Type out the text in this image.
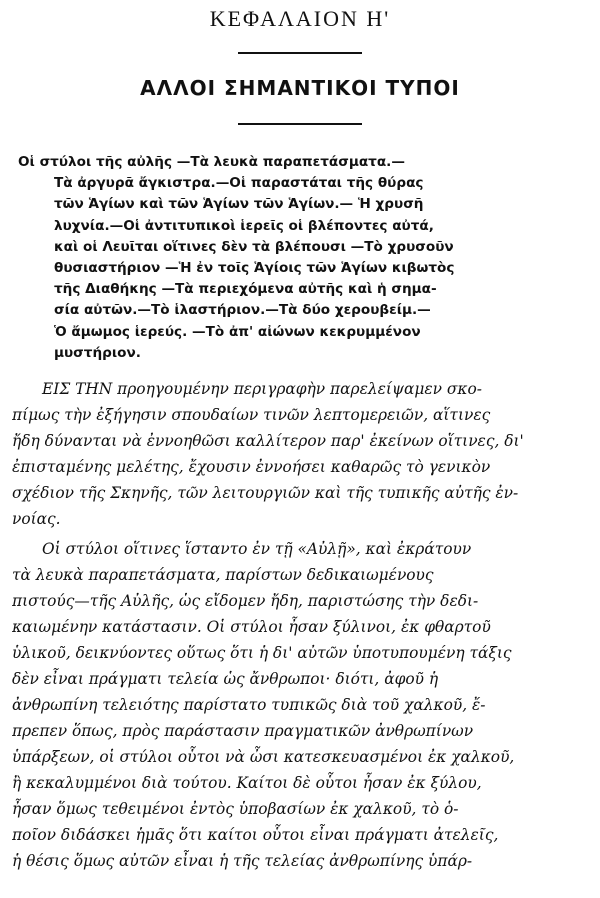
ΚΕΦΑΛΑΙΟΝ Η'
ΑΛΛΟΙ ΣΗΜΑΝΤΙΚΟΙ ΤΥΠΟΙ
Οἱ στύλοι τῆς αὐλῆς —Τὰ λευκὰ παραπετάσματα.—
Τὰ ἀργυρᾶ ἄγκιστρα.—Οἱ παραστάται τῆς θύρας
τῶν Ἁγίων καὶ τῶν Ἁγίων τῶν Ἁγίων.— Ἡ χρυσῆ
λυχνία.—Οἱ ἀντιτυπικοὶ ἱερεῖς οἱ βλέποντες αὐτά,
καὶ οἱ Λευῖται οἵτινες δὲν τὰ βλέπουσι —Τὸ χρυσοῦν
θυσιαστήριον —Ἡ ἐν τοῖς Ἁγίοις τῶν Ἁγίων κιβωτὸς
τῆς Διαθήκης —Τὰ περιεχόμενα αὐτῆς καὶ ἡ σημα-
σία αὐτῶν.—Τὸ ἱλαστήριον.—Τὰ δύο χερουβείμ.—
Ὁ ἄμωμος ἱερεύς. —Τὸ ἀπ' αἰώνων κεκρυμμένον
μυστήριον.
ΕΙΣ ΤΗΝ προηγουμένην περιγραφὴν παρελείψαμεν σκο-
πίμως τὴν ἐξήγησιν σπουδαίων τινῶν λεπτομερειῶν, αἵτινες
ἤδη δύνανται νὰ ἐννοηθῶσι καλλίτερον παρ' ἐκείνων οἵτινες, δι'
ἐπισταμένης μελέτης, ἔχουσιν ἐννοήσει καθαρῶς τὸ γενικὸν
σχέδιον τῆς Σκηνῆς, τῶν λειτουργιῶν καὶ τῆς τυπικῆς αὐτῆς ἐν-
νοίας.
Οἱ στύλοι οἵτινες ἵσταντο ἐν τῇ «Αὐλῇ», καὶ ἐκράτουν
τὰ λευκὰ παραπετάσματα, παρίστων δεδικαιωμένους
πιστούς—τῆς Αὐλῆς, ὡς εἴδομεν ἤδη, παριστώσης τὴν δεδι-
καιωμένην κατάστασιν. Οἱ στύλοι ἦσαν ξύλινοι, ἐκ φθαρτοῦ
ὑλικοῦ, δεικνύοντες οὕτως ὅτι ἡ δι' αὐτῶν ὑποτυπουμένη τάξις
δὲν εἶναι πράγματι τελεία ὡς ἄνθρωποι· διότι, ἀφοῦ ἡ
ἀνθρωπίνη τελειότης παρίστατο τυπικῶς διὰ τοῦ χαλκοῦ, ἔ-
πρεπεν ὅπως, πρὸς παράστασιν πραγματικῶν ἀνθρωπίνων
ὑπάρξεων, οἱ στύλοι οὗτοι νὰ ὦσι κατεσκευασμένοι ἐκ χαλκοῦ,
ἢ κεκαλυμμένοι διὰ τούτου. Καίτοι δὲ οὗτοι ἦσαν ἐκ ξύλου,
ἦσαν ὅμως τεθειμένοι ἐντὸς ὑποβασίων ἐκ χαλκοῦ, τὸ ὁ-
ποῖον διδάσκει ἡμᾶς ὅτι καίτοι οὗτοι εἶναι πράγματι ἀτελεῖς,
ἡ θέσις ὅμως αὐτῶν εἶναι ἡ τῆς τελείας ἀνθρωπίνης ὑπάρ-
